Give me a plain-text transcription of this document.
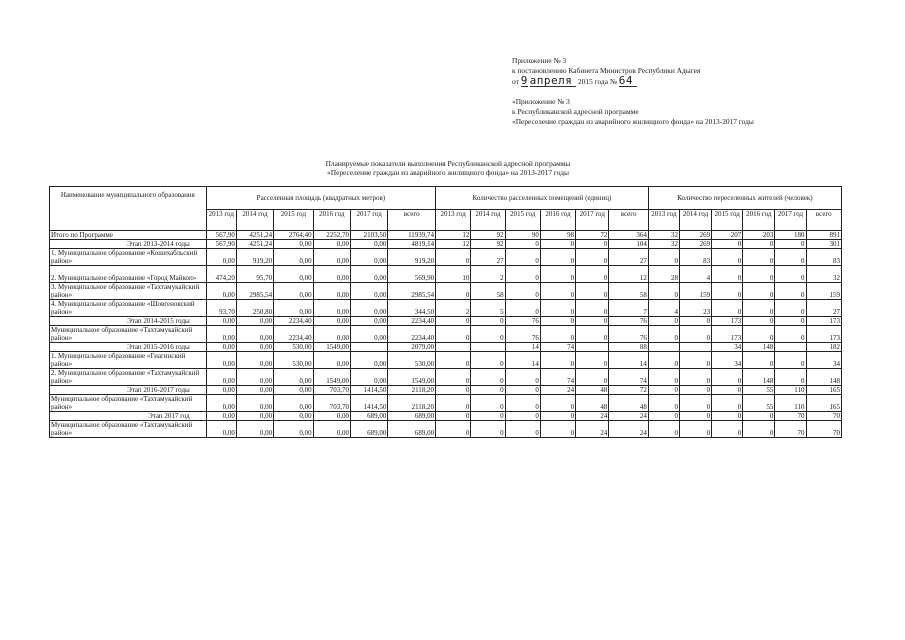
Приложение № 3
к постановлению Кабинета Министров Республики Адыгея
от 9 апреля 2015 года № 64
«Приложение № 3
к Республиканской адресной программе
«Переселение граждан из аварийного жилищного фонда» на 2013-2017 годы
Планируемые показатели выполнения Республиканской адресной программы
«Переселение граждан из аварийного жилищного фонда» на 2013-2017 годы
Наименование муниципального образования	Расселенная площадь (квадратных метров)						Количество расселенных помещений (единиц)						Количество переселенных жителей (человек)					
	2013 год	2014 год	2015 год	2016 год	2017 год	всего	2013 год	2014 год	2015 год	2016 год	2017 год	всего	2013 год	2014 год	2015 год	2016 год	2017 год	всего
Итого по Программе	567,90	4251,24	2764,40	2252,70	2103,50	11939,74	12	92	90	98	72	364	32	269	207	203	180	891
Этап 2013-2014 годы	567,90	4251,24	0,00	0,00	0,00	4819,14	12	92	0	0	0	104	32	269	0	0	0	301
1. Муниципальное образование «Кошехабльский район»	0,00	919,20	0,00	0,00	0,00	919,20	0	27	0	0	0	27	0	83	0	0	0	83
2. Муниципальное образование «Город Майкоп»	474,20	95,70	0,00	0,00	0,00	569,90	10	2	0	0	0	12	28	4	0	0	0	32
3. Муниципальное образование «Тахтамукайский район»	0,00	2985,54	0,00	0,00	0,00	2985,54	0	58	0	0	0	58	0	159	0	0	0	159
4. Муниципальное образование «Шовгеновский район»	93,70	250,80	0,00	0,00	0,00	344,50	2	5	0	0	0	7	4	23	0	0	0	27
Этап 2014-2015 годы	0,00	0,00	2234,40	0,00	0,00	2234,40	0	0	76	0	0	76	0	0	173	0	0	173
Муниципальное образование «Тахтамукайский район»	0,00	0,00	2234,40	0,00	0,00	2234,40	0	0	76	0	0	76	0	0	173	0	0	173
Этап 2015-2016 годы	0,00	0,00	530,00	1549,00		2079,00			14	74		88			34	148		182
1. Муниципальное образование «Гиагинский район»	0,00	0,00	530,00	0,00	0,00	530,00	0	0	14	0	0	14	0	0	34	0	0	34
2. Муниципальное образование «Тахтамукайский район»	0,00	0,00	0,00	1549,00	0,00	1549,00	0	0	0	74	0	74	0	0	0	148	0	148
Этап 2016-2017 годы	0,00	0,00	0,00	703,70	1414,50	2118,20	0	0	0	24	48	72	0	0	0	55	110	165
Муниципальное образование «Тахтамукайский район»	0,00	0,00	0,00	703,70	1414,50	2118,20	0	0	0	0	48	48	0	0	0	55	110	165
Этап 2017 год	0,00	0,00	0,00	0,00	689,00	689,00	0	0	0	0	24	24	0	0	0	0	70	70
Муниципальное образование «Тахтамукайский район»	0,00	0,00	0,00	0,00	689,00	689,00	0	0	0	0	24	24	0	0	0	0	70	70
